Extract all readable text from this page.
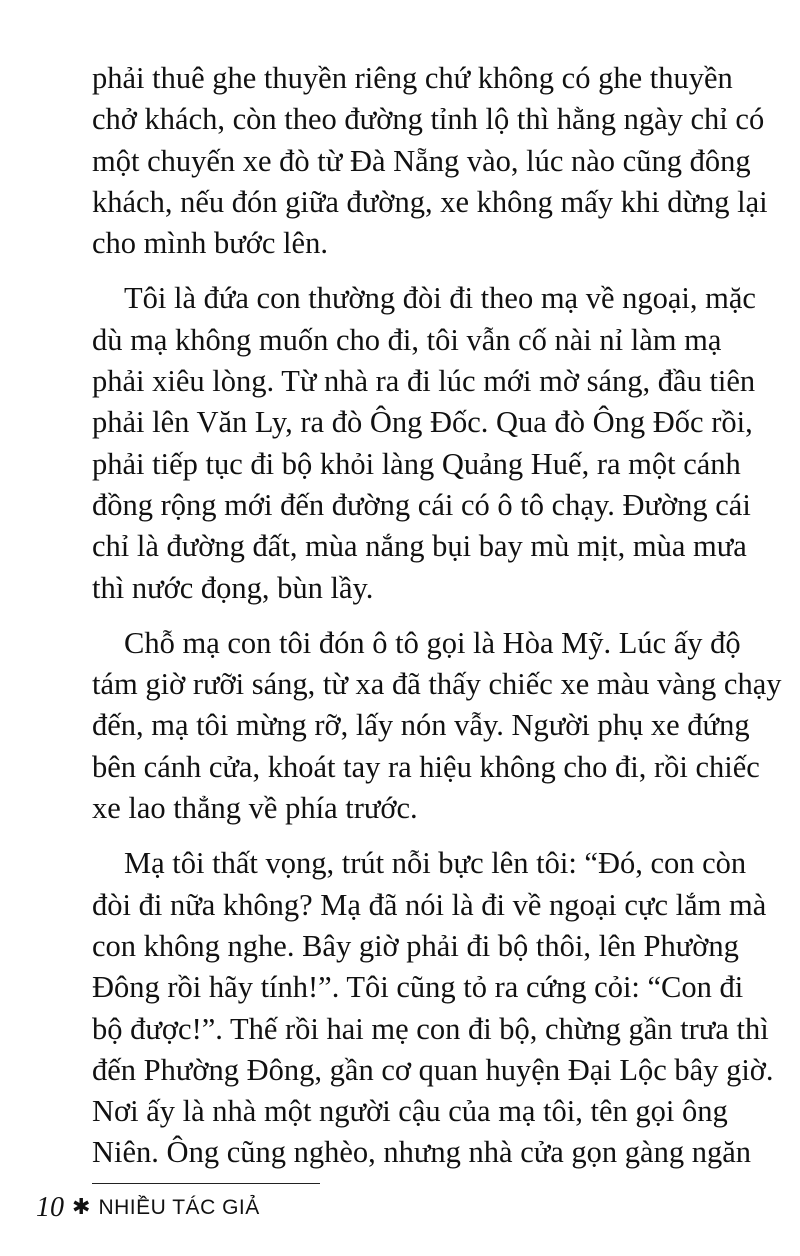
phải thuê ghe thuyền riêng chứ không có ghe thuyền
chở khách, còn theo đường tỉnh lộ thì hằng ngày chỉ có
một chuyến xe đò từ Đà Nẵng vào, lúc nào cũng đông
khách, nếu đón giữa đường, xe không mấy khi dừng lại
cho mình bước lên.
Tôi là đứa con thường đòi đi theo mạ về ngoại, mặc
dù mạ không muốn cho đi, tôi vẫn cố nài nỉ làm mạ
phải xiêu lòng. Từ nhà ra đi lúc mới mờ sáng, đầu tiên
phải lên Văn Ly, ra đò Ông Đốc. Qua đò Ông Đốc rồi,
phải tiếp tục đi bộ khỏi làng Quảng Huế, ra một cánh
đồng rộng mới đến đường cái có ô tô chạy. Đường cái
chỉ là đường đất, mùa nắng bụi bay mù mịt, mùa mưa
thì nước đọng, bùn lầy.
Chỗ mạ con tôi đón ô tô gọi là Hòa Mỹ. Lúc ấy độ
tám giờ rưỡi sáng, từ xa đã thấy chiếc xe màu vàng chạy
đến, mạ tôi mừng rỡ, lấy nón vẫy. Người phụ xe đứng
bên cánh cửa, khoát tay ra hiệu không cho đi, rồi chiếc
xe lao thẳng về phía trước.
Mạ tôi thất vọng, trút nỗi bực lên tôi: “Đó, con còn
đòi đi nữa không? Mạ đã nói là đi về ngoại cực lắm mà
con không nghe. Bây giờ phải đi bộ thôi, lên Phường
Đông rồi hãy tính!”. Tôi cũng tỏ ra cứng cỏi: “Con đi
bộ được!”. Thế rồi hai mẹ con đi bộ, chừng gần trưa thì
đến Phường Đông, gần cơ quan huyện Đại Lộc bây giờ.
Nơi ấy là nhà một người cậu của mạ tôi, tên gọi ông
Niên. Ông cũng nghèo, nhưng nhà cửa gọn gàng ngăn
10 ✱ NHIỀU TÁC GIẢ
